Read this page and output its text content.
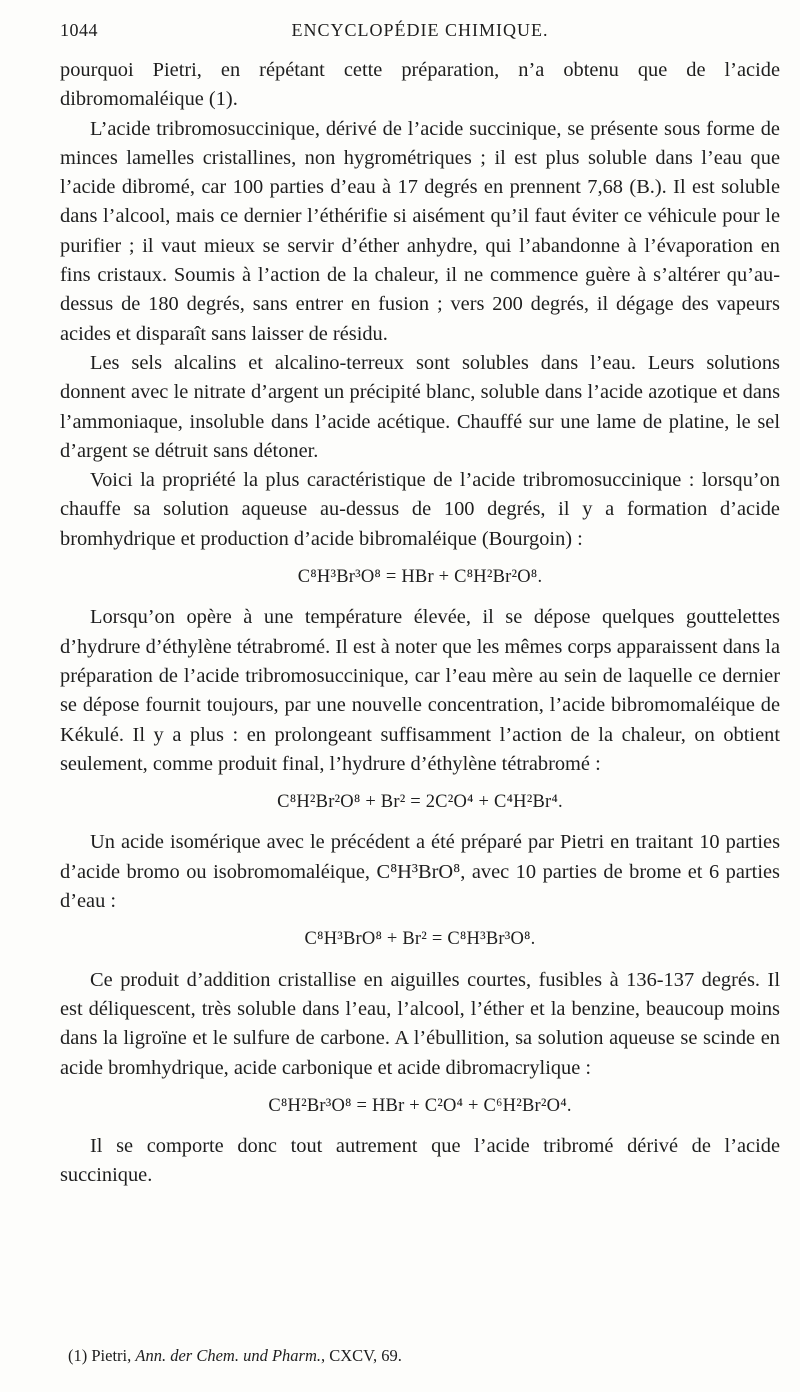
1044	ENCYCLOPÉDIE CHIMIQUE.

pourquoi Pietri, en répétant cette préparation, n’a obtenu que de l’acide dibromomaléique (1).

L’acide tribromosuccinique, dérivé de l’acide succinique, se présente sous forme de minces lamelles cristallines, non hygrométriques ; il est plus soluble dans l’eau que l’acide dibromé, car 100 parties d’eau à 17 degrés en prennent 7,68 (B.). Il est soluble dans l’alcool, mais ce dernier l’éthérifie si aisément qu’il faut éviter ce véhicule pour le purifier ; il vaut mieux se servir d’éther anhydre, qui l’abandonne à l’évaporation en fins cristaux. Soumis à l’action de la chaleur, il ne commence guère à s’altérer qu’au-dessus de 180 degrés, sans entrer en fusion ; vers 200 degrés, il dégage des vapeurs acides et disparaît sans laisser de résidu.

Les sels alcalins et alcalino-terreux sont solubles dans l’eau. Leurs solutions donnent avec le nitrate d’argent un précipité blanc, soluble dans l’acide azotique et dans l’ammoniaque, insoluble dans l’acide acétique. Chauffé sur une lame de platine, le sel d’argent se détruit sans détoner.

Voici la propriété la plus caractéristique de l’acide tribromosuccinique : lorsqu’on chauffe sa solution aqueuse au-dessus de 100 degrés, il y a formation d’acide bromhydrique et production d’acide bibromaléique (Bourgoin) :

C⁸H³Br³O⁸ = HBr + C⁸H²Br²O⁸.

Lorsqu’on opère à une température élevée, il se dépose quelques gouttelettes d’hydrure d’éthylène tétrabromé. Il est à noter que les mêmes corps apparaissent dans la préparation de l’acide tribromosuccinique, car l’eau mère au sein de laquelle ce dernier se dépose fournit toujours, par une nouvelle concentration, l’acide bibromomaléique de Kékulé. Il y a plus : en prolongeant suffisamment l’action de la chaleur, on obtient seulement, comme produit final, l’hydrure d’éthylène tétrabromé :

C⁸H²Br²O⁸ + Br² = 2C²O⁴ + C⁴H²Br⁴.

Un acide isomérique avec le précédent a été préparé par Pietri en traitant 10 parties d’acide bromo ou isobromomaléique, C⁸H³BrO⁸, avec 10 parties de brome et 6 parties d’eau :

C⁸H³BrO⁸ + Br² = C⁸H³Br³O⁸.

Ce produit d’addition cristallise en aiguilles courtes, fusibles à 136-137 degrés. Il est déliquescent, très soluble dans l’eau, l’alcool, l’éther et la benzine, beaucoup moins dans la ligroïne et le sulfure de carbone. A l’ébullition, sa solution aqueuse se scinde en acide bromhydrique, acide carbonique et acide dibromacrylique :

C⁸H²Br³O⁸ = HBr + C²O⁴ + C⁶H²Br²O⁴.

Il se comporte donc tout autrement que l’acide tribromé dérivé de l’acide succinique.

(1) Pietri, Ann. der Chem. und Pharm., CXCV, 69.
